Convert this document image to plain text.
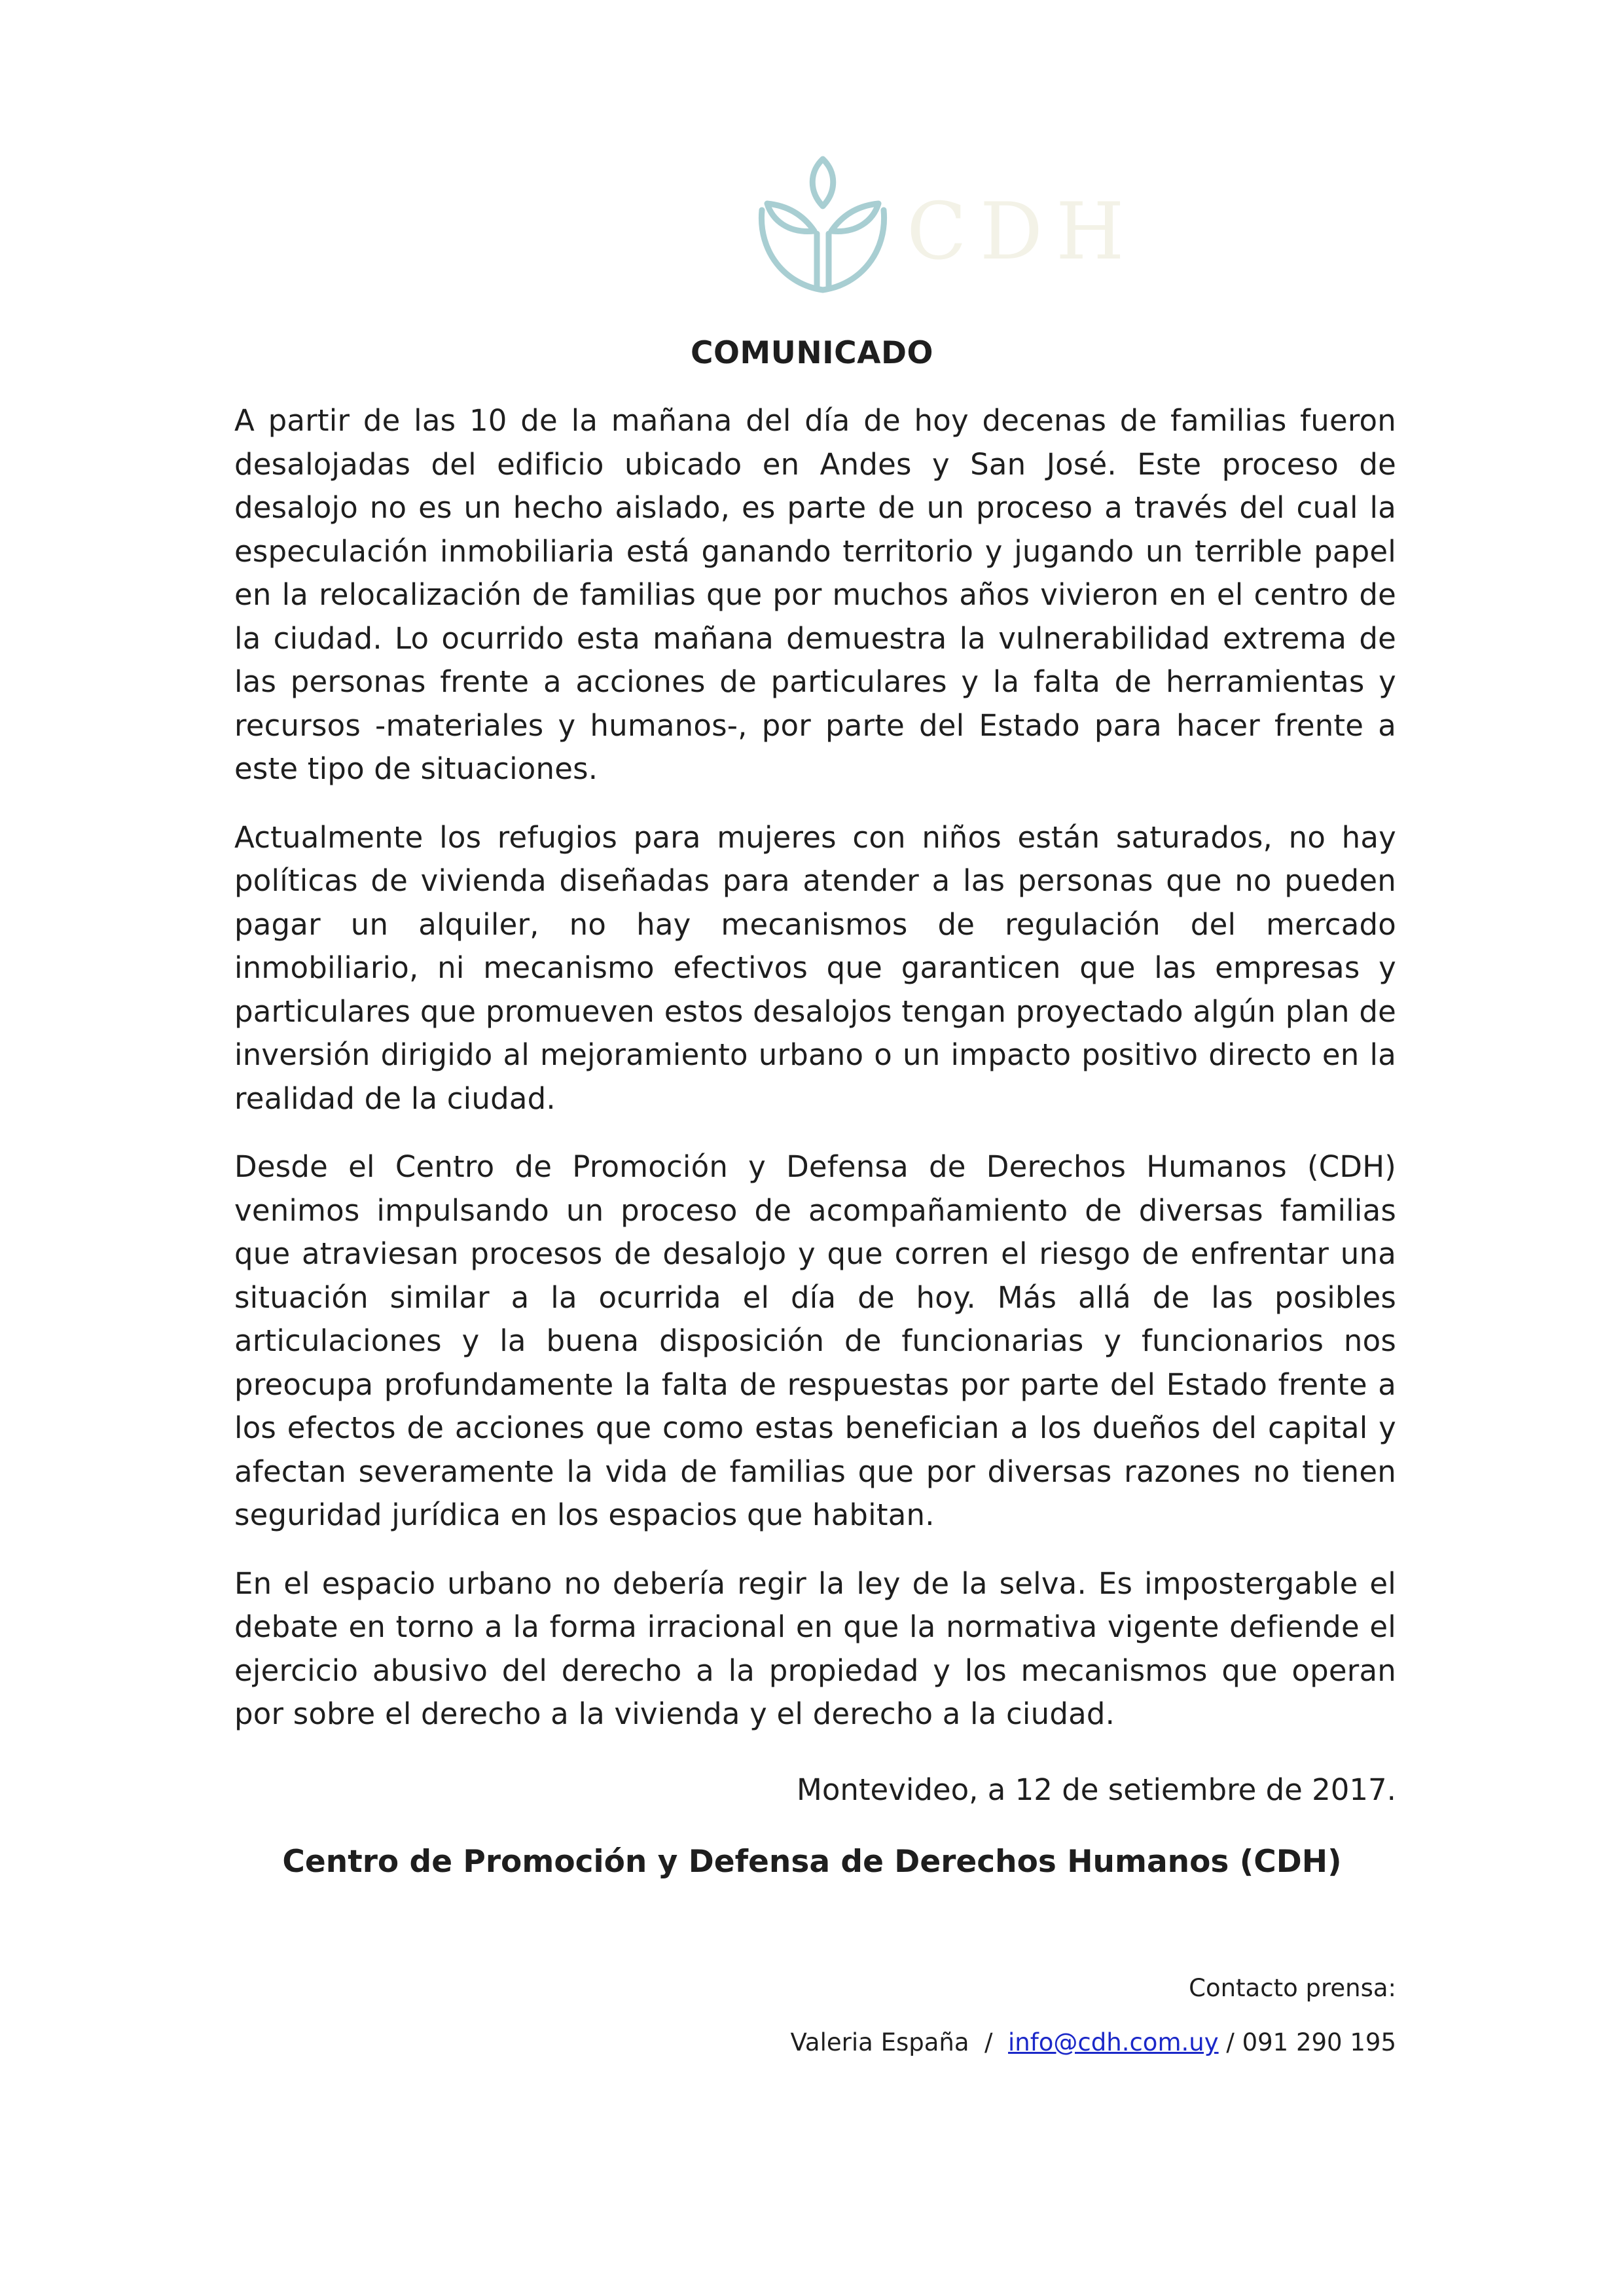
CDH
COMUNICADO

A partir de las 10 de la mañana del día de hoy decenas de familias fueron desalojadas del edificio ubicado en Andes y San José. Este proceso de desalojo no es un hecho aislado, es parte de un proceso a través del cual la especulación inmobiliaria está ganando territorio y jugando un terrible papel en la relocalización de familias que por muchos años vivieron en el centro de la ciudad. Lo ocurrido esta mañana demuestra la vulnerabilidad extrema de las personas frente a acciones de particulares y la falta de herramientas y recursos -materiales y humanos-, por parte del Estado para hacer frente a este tipo de situaciones.

Actualmente los refugios para mujeres con niños están saturados, no hay políticas de vivienda diseñadas para atender a las personas que no pueden pagar un alquiler, no hay mecanismos de regulación del mercado inmobiliario, ni mecanismo efectivos que garanticen que las empresas y particulares que promueven estos desalojos tengan proyectado algún plan de inversión dirigido al mejoramiento urbano o un impacto positivo directo en la realidad de la ciudad.

Desde el Centro de Promoción y Defensa de Derechos Humanos (CDH) venimos impulsando un proceso de acompañamiento de diversas familias que atraviesan procesos de desalojo y que corren el riesgo de enfrentar una situación similar a la ocurrida el día de hoy. Más allá de las posibles articulaciones y la buena disposición de funcionarias y funcionarios nos preocupa profundamente la falta de respuestas por parte del Estado frente a los efectos de acciones que como estas benefician a los dueños del capital y afectan severamente la vida de familias que por diversas razones no tienen seguridad jurídica en los espacios que habitan.

En el espacio urbano no debería regir la ley de la selva. Es impostergable el debate en torno a la forma irracional en que la normativa vigente defiende el ejercicio abusivo del derecho a la propiedad y los mecanismos que operan por sobre el derecho a la vivienda y el derecho a la ciudad.

Montevideo, a 12 de setiembre de 2017.
Centro de Promoción y Defensa de Derechos Humanos (CDH)
Contacto prensa:
Valeria España  /  info@cdh.com.uy / 091 290 195
